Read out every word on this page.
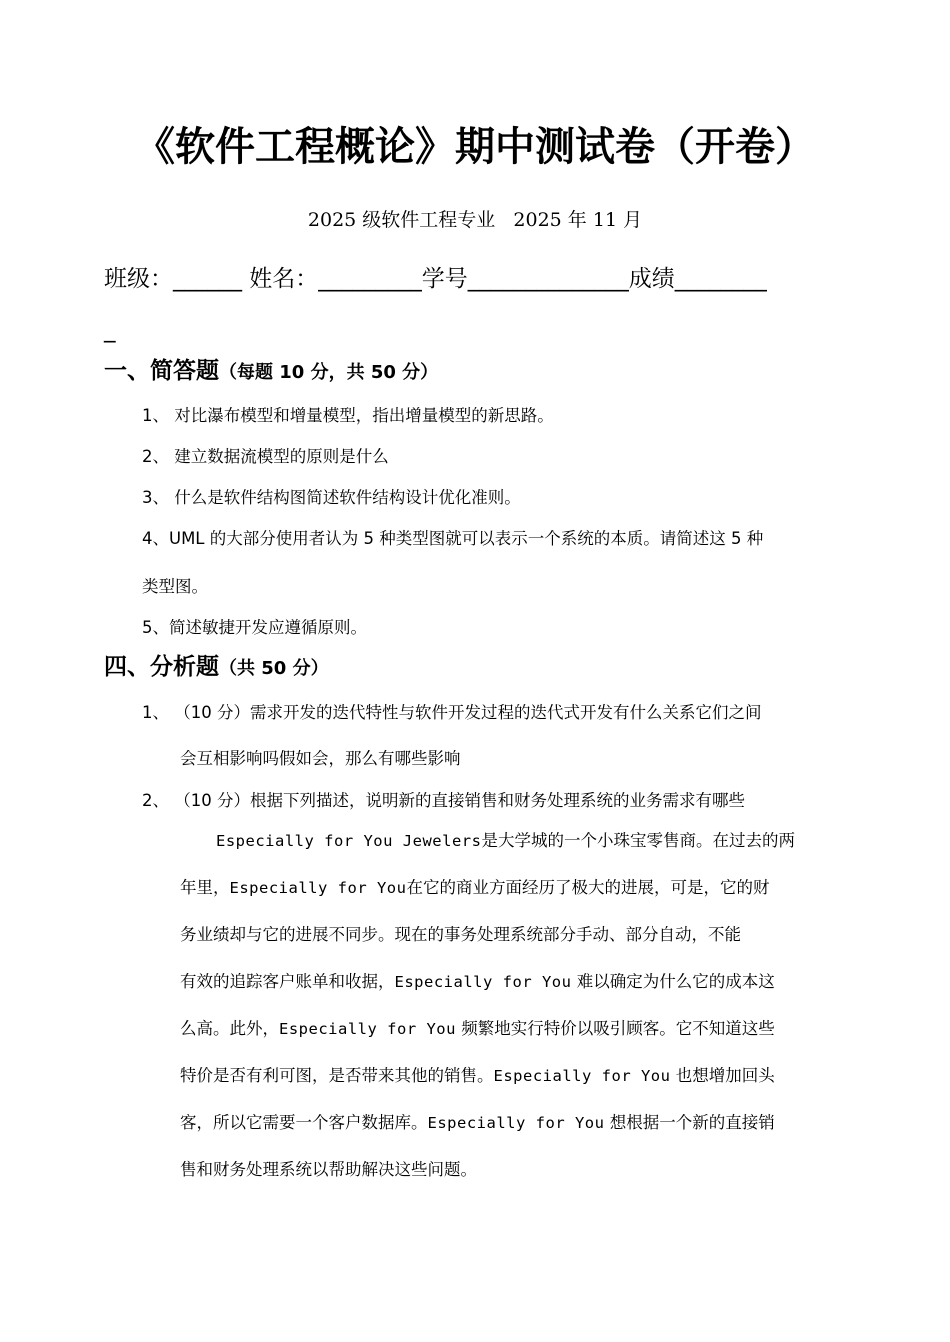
《软件工程概论》期中测试卷（开卷）
2025 级软件工程专业   2025 年 11 月
班级：______ 姓名：_________学号______________成绩________
_
一、简答题（每题 10 分，共 50 分）
1、 对比瀑布模型和增量模型，指出增量模型的新思路。
2、 建立数据流模型的原则是什么
3、 什么是软件结构图简述软件结构设计优化准则。
4、UML 的大部分使用者认为 5 种类型图就可以表示一个系统的本质。请简述这 5 种
类型图。
5、简述敏捷开发应遵循原则。
四、分析题（共 50 分）
1、 （10 分）需求开发的迭代特性与软件开发过程的迭代式开发有什么关系它们之间
会互相影响吗假如会，那么有哪些影响
2、 （10 分）根据下列描述，说明新的直接销售和财务处理系统的业务需求有哪些
Especially for You Jewelers是大学城的一个小珠宝零售商。在过去的两
年里，Especially for You在它的商业方面经历了极大的进展，可是，它的财
务业绩却与它的进展不同步。现在的事务处理系统部分手动、部分自动，不能
有效的追踪客户账单和收据，Especially for You 难以确定为什么它的成本这
么高。此外，Especially for You 频繁地实行特价以吸引顾客。它不知道这些
特价是否有利可图，是否带来其他的销售。Especially for You 也想增加回头
客，所以它需要一个客户数据库。Especially for You 想根据一个新的直接销
售和财务处理系统以帮助解决这些问题。
